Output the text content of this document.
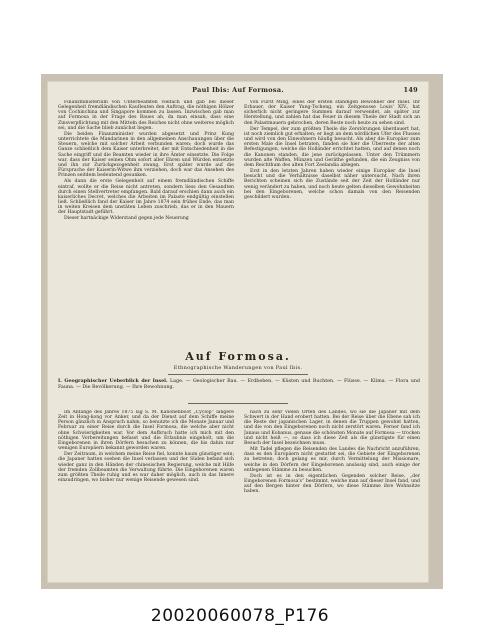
Paul Ibis: Auf Formosa.	149

Finanzministerium von Unterbeamten vielfach und gab bei dieser Gelegenheit fremdländischen Kaufleuten den Auftrag, die nöthigen Hölzer von Cochinchina und Singapore kommen zu lassen. Inzwischen gab man auf Formosa in der Frage des Baues ab, da man einsah, dass eine Zinsverpflichtung mit den Mitteln des Reiches nicht ohne weiteres möglich sei, und die Sache blieb zunächst liegen.

Die beiden Finanzminister wurden abgesetzt und Prinz Kung unterrichtete die Mandarinen in den allgemeinen Anschauungen über die Steuern, welche mit solcher Arbeit verbunden waren; doch wurde das Ganze schließlich dem Kaiser unterbreitet, der mit Entschiedenheit in die Sache eingriff und die Beamten wieder in ihre Ämter einsetzte. Die Folge war, dass der Kaiser seinen Ohm sofort aller Ehren und Würden entsetzte und ihn zur Zurückgezogenheit zwang. Erst später wurde auf die Fürsprache der Kaiserin-Witwe ihm verziehen, doch war das Ansehen des Prinzen seitdem bedeutend gesunken.

Als dann die erste Gelegenheit auf einem fremdländischen Schiffe eintraf, wollte er die Reise nicht antreten, sondern liess den Gesandten durch einen Stellvertreter empfangen. Bald darauf erschien dann auch ein kaiserliches Decret, welches die Arbeiten im Palaste endgültig einstellen ließ. Schließlich fand der Kaiser im Jahre 1874 sein frühes Ende, das man in weiten Kreisen dem unstäten Leben zuschrieb, das er in den Mauern der Hauptstadt geführt.

Dieser hartnäckige Widerstand gegen jede Neuerung

von Fürst Ming, eines der ersten ständigen Bewohner der Insel. Ihr Erbauer, der Kaiser Yung-Tscheng, ein Zeitgenosse Louis' XIV., hat sicherlich nicht geringere Summen darauf verwendet, als später zur Herstellung, und zahlen hat das Feuer in diesem Theile der Stadt sich an den Palastmauern gebrochen, deren Reste noch heute zu sehen sind.

Der Tempel, der zum größten Theile die Zerstörungen überdauert hat, ist noch ziemlich gut erhalten; er liegt an dem nördlichen Ufer des Flusses und wird von den Einwohnern häufig besucht. Als aber die Europäer zum ersten Male die Insel betraten, fanden sie hier die Überreste der alten Befestigungen, welche die Holländer errichtet hatten, und auf denen noch die Kanonen standen, die jene zurückgelassen. Unter den Trümmern wurden alte Waffen, Münzen und Geräthe gefunden, die ein Zeugniss von dem Reichthum des alten Fort Zeelandia ablegen.

Erst in den letzten Jahren haben wieder einige Europäer die Insel besucht und die Verhältnisse daselbst näher untersucht. Nach ihren Berichten scheinen sich die Zustände seit der Zeit der Holländer nur wenig verändert zu haben, und noch heute gelten dieselben Gewohnheiten bei den Eingeborenen, welche schon damals von den Reisenden geschildert wurden.

Auf Formosa.
Ethnographische Wanderungen von Paul Ibis.
I. Geographischer Ueberblick der Insel. Lage. — Geologischer Bau. — Erdbeben. — Küsten und Buchten. — Flüsse. — Klima. — Flora und Fauna. — Die Bevölkerung. — Ihre Bewohnung.

Im Anfange des Jahres 1875 lag S. M. Kanonenboot „Cyclop“ längere Zeit in Hong-kong vor Anker, und da der Dienst auf dem Schiffe meine Person gänzlich in Anspruch nahm, so benutzte ich die Monate Januar und Februar zu einer Reise durch die Insel Formosa, die welche aber nicht ohne Schwierigkeiten war. Vor dem Aufbruch hatte ich mich mit den nöthigen Vorbereitungen befasst und die Erlaubnis eingeholt, um die Eingeborenen in ihren Dörfern besuchen zu können, die bis dahin nur wenigen Europäern bekannt geworden waren.

Der Zeitraum, in welchem meine Reise fiel, konnte kaum günstiger sein; die Japaner hatten soeben die Insel verlassen und der Süden befand sich wieder ganz in den Händen der chinesischen Regierung, welche mit Hilfe der fremden Zollbeamten die Verwaltung führte. Die Eingeborenen waren zum größten Theile ruhig und es war daher möglich, auch in das Innere einzudringen, wo bisher nur wenige Reisende gewesen sind.

nach zu sehr vielen Orten des Landes, wo sie die Japaner mit dem Schwert in der Hand erobert hatten. Bei der Reise über die Ebene sah ich die Reste der japanischen Lager, in denen die Truppen gewohnt hatten, und die von den Eingeborenen noch nicht zerstört waren. Ferner fand ich Janaus und Kobanus, genaue die schönsten Monate auf Formosa — trocken und nicht heiß —, so dass ich diese Zeit als die günstigste für einen Besuch der Insel bezeichnen muss.

Mit Tadel pflegen die Reisenden des Landes die Nachricht anzuführen, dass es den Europäern nicht gestattet sei, die Gebiete der Eingeborenen zu betreten; doch gelang es mir, durch Vermittelung der Missionare, welche in den Dörfern der Eingeborenen ansässig sind, auch einige der entlegenen Stämme zu besuchen.

Doch ist es in den eigentlichen Gegenden solcher Reise, „der Eingeborenen Formosa's“ bestimmt, welche man auf dieser Insel fand, und auf den Bergen hinter den Dörfern, wo diese Stämme ihre Wohnsitze haben.

20020060078_P176
